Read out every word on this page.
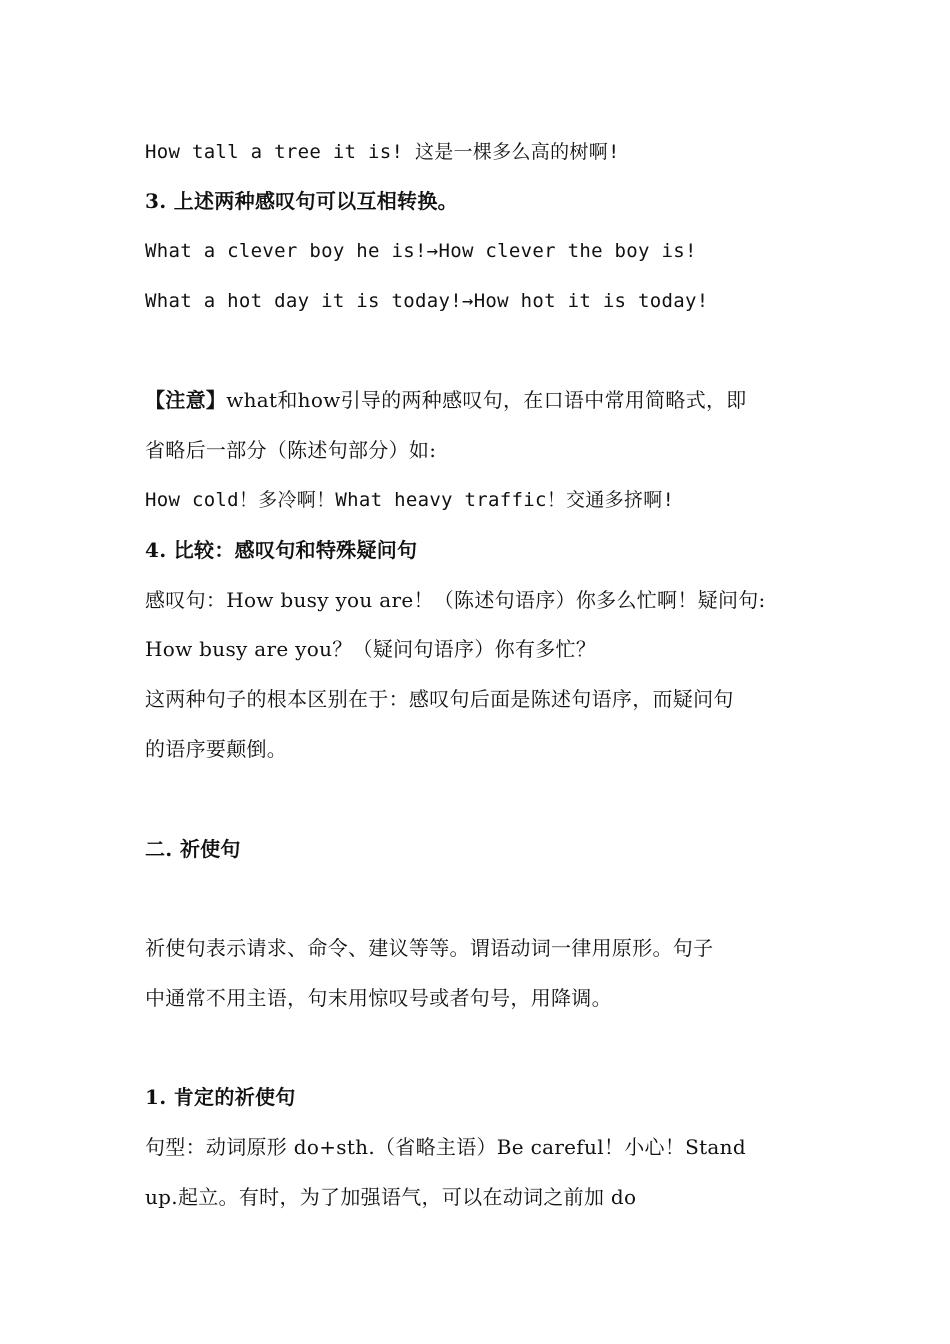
How tall a tree it is! 这是一棵多么高的树啊!
3. 上述两种感叹句可以互相转换。
What a clever boy he is!→How clever the boy is!
What a hot day it is today!→How hot it is today!
【注意】what和how引导的两种感叹句，在口语中常用简略式，即
省略后一部分（陈述句部分）如:
How cold！多冷啊！What heavy traffic！交通多挤啊!
4. 比较：感叹句和特殊疑问句
感叹句：How busy you are！（陈述句语序）你多么忙啊！疑问句:
How busy are you？（疑问句语序）你有多忙？
这两种句子的根本区别在于：感叹句后面是陈述句语序，而疑问句
的语序要颠倒。
二. 祈使句
祈使句表示请求、命令、建议等等。谓语动词一律用原形。句子
中通常不用主语，句末用惊叹号或者句号，用降调。
1. 肯定的祈使句
句型：动词原形 do+sth.（省略主语）Be careful！小心！Stand
up.起立。有时，为了加强语气，可以在动词之前加 do
